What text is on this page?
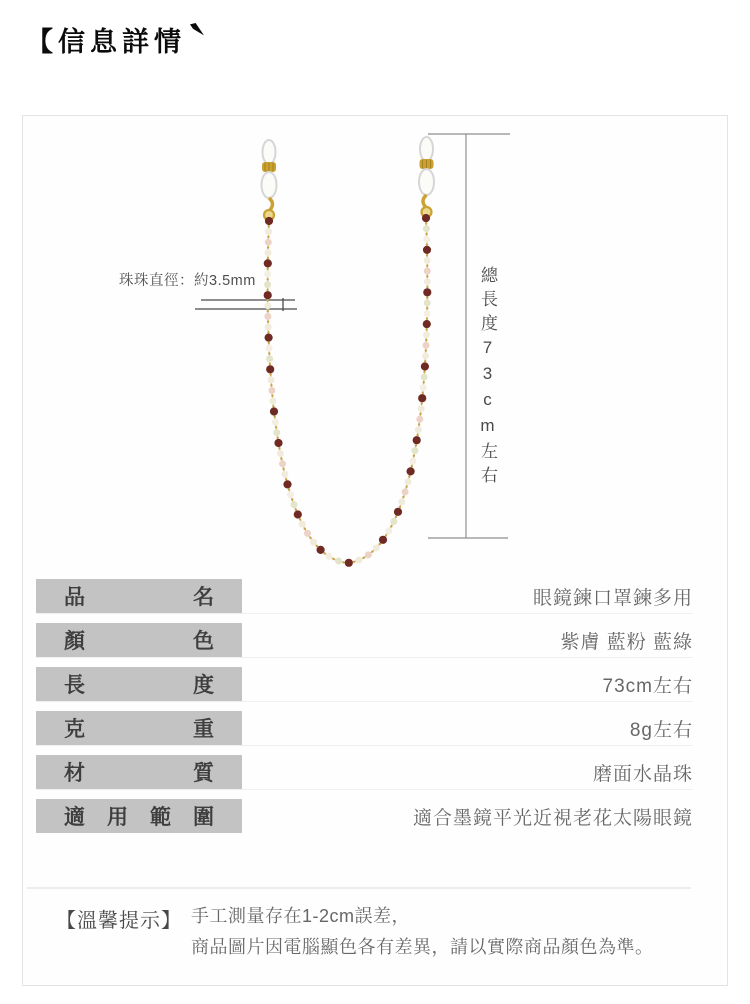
【信息詳情
珠珠直徑：約3.5mm	總長度73cm左右
品	名	眼鏡鍊口罩鍊多用
顏	色	紫膚 藍粉 藍綠
長	度	73cm左右
克	重	8g左右
材	質	磨面水晶珠
適 用 範 圍	適合墨鏡平光近視老花太陽眼鏡
【溫馨提示】 手工測量存在1-2cm誤差，
商品圖片因電腦顯色各有差異，請以實際商品顏色為準。
